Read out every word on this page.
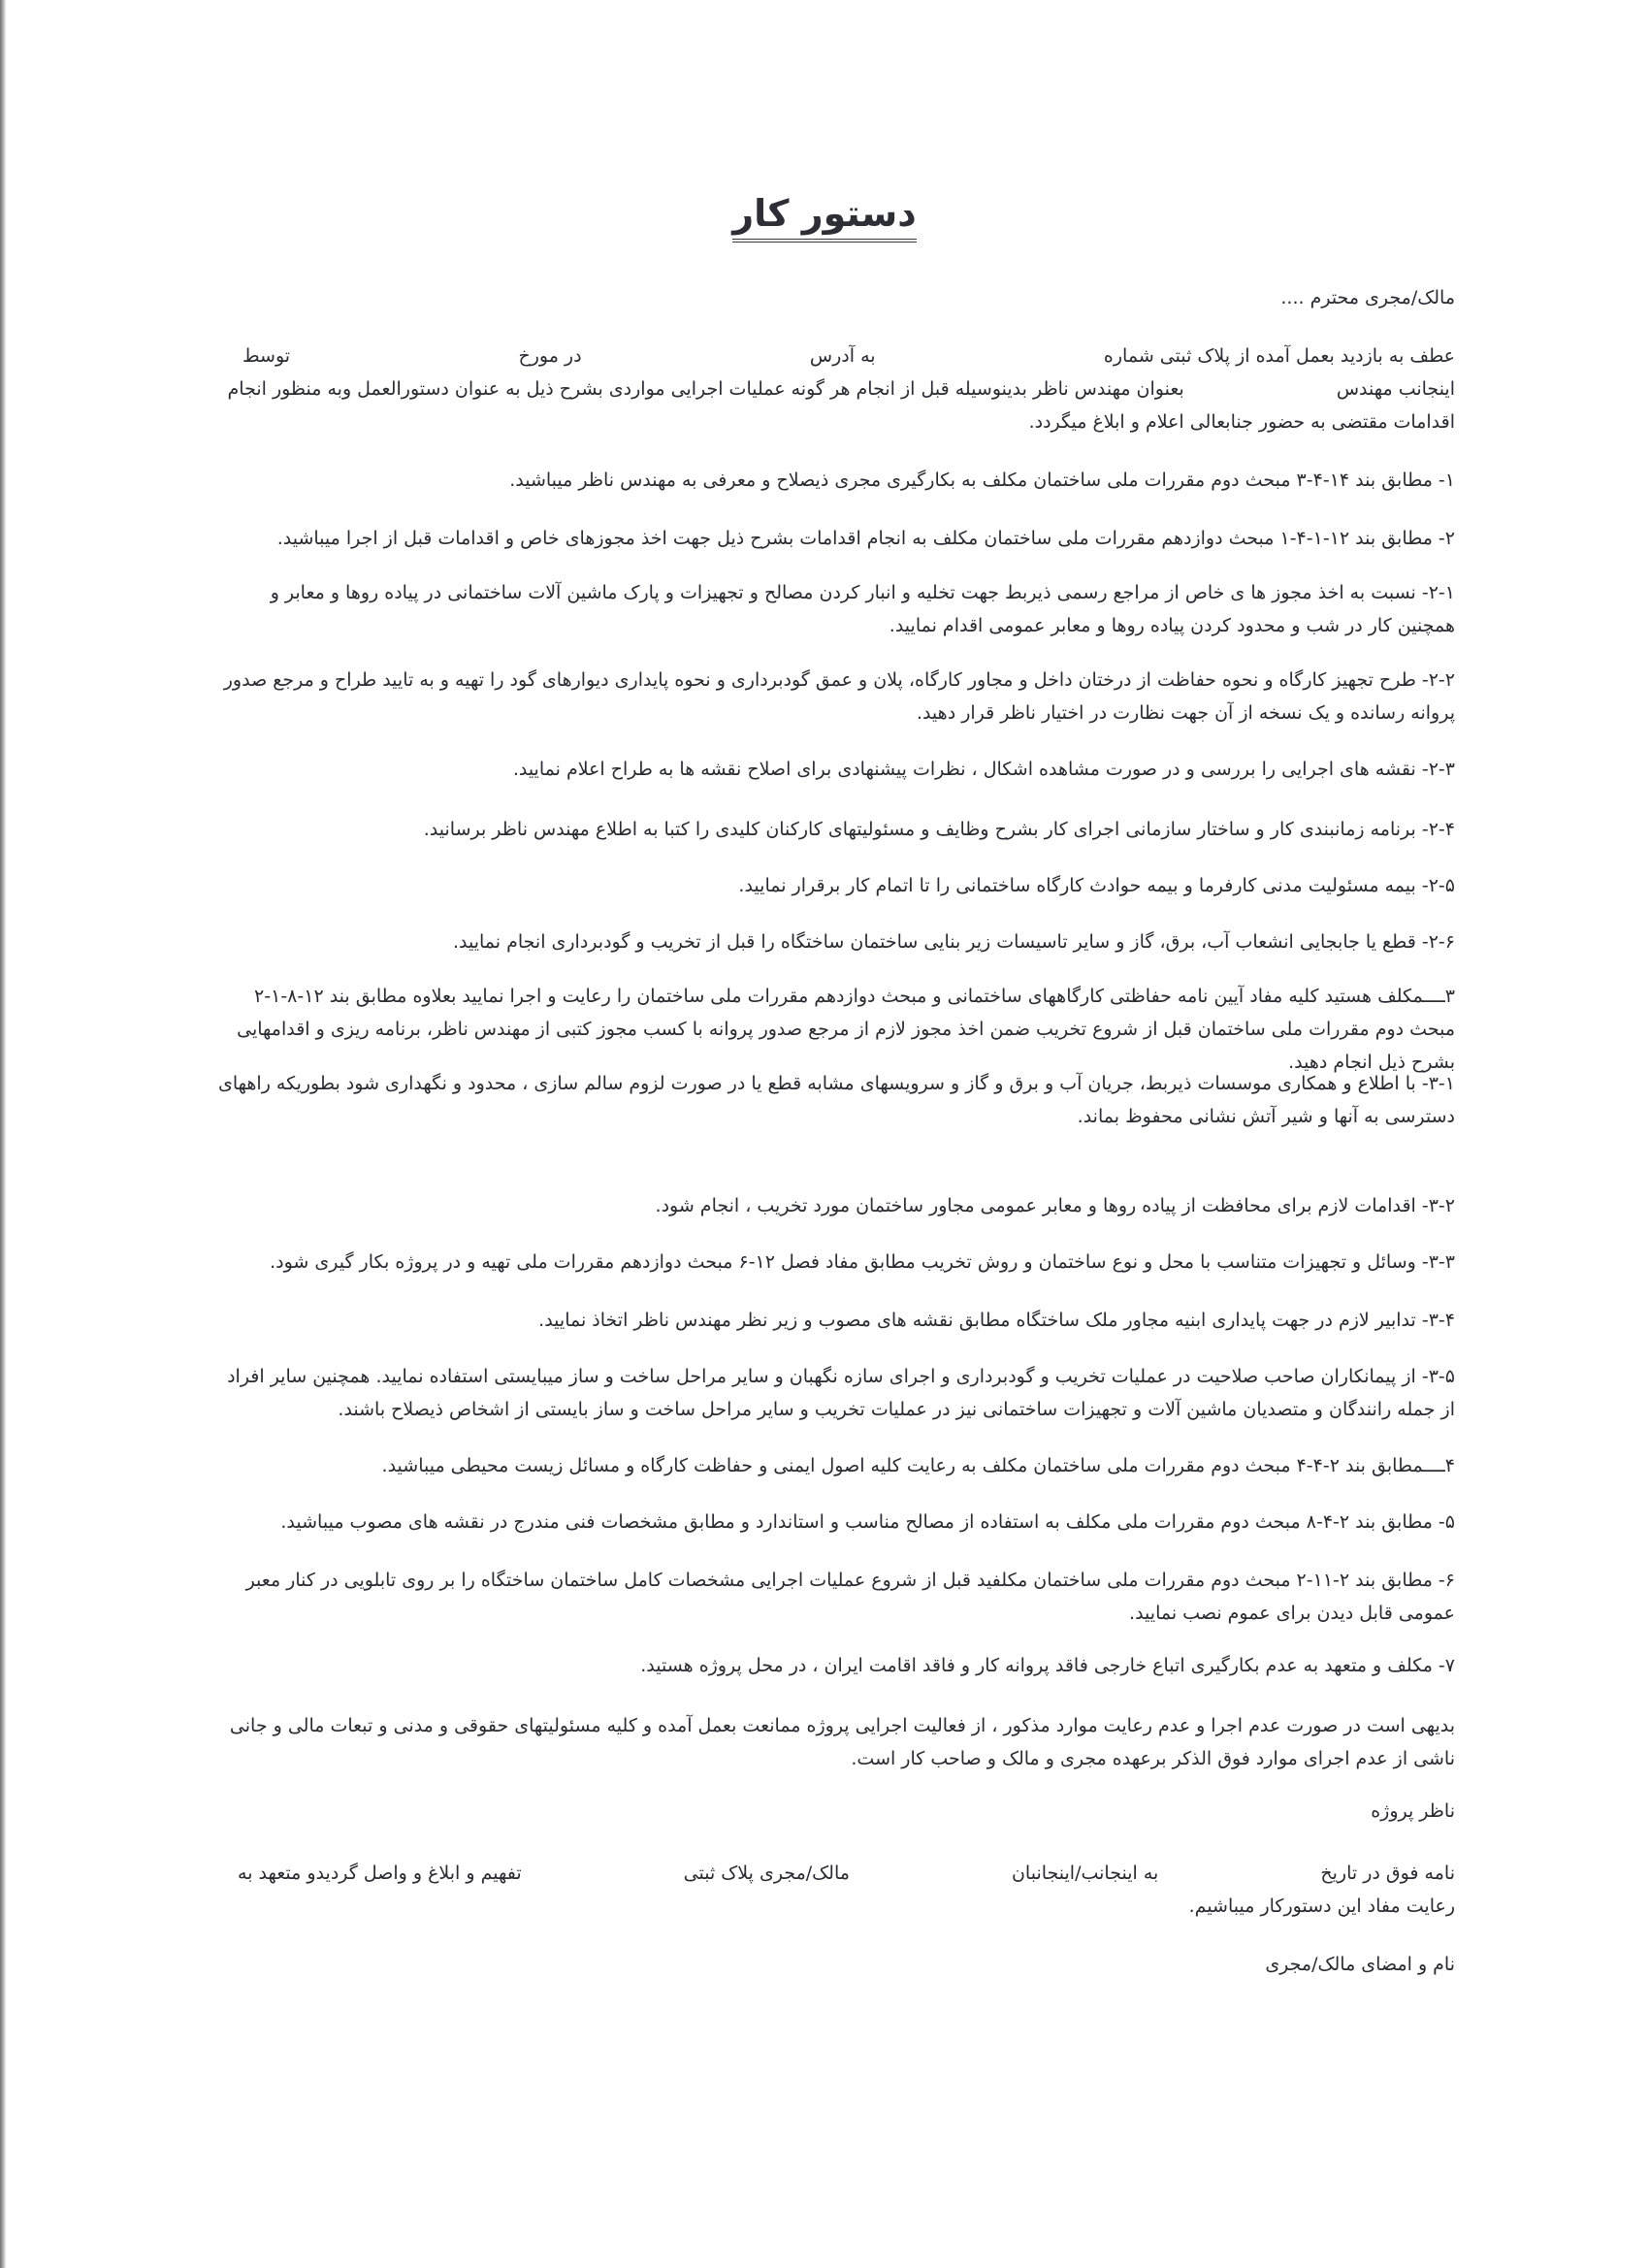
دستور کار

مالک/مجری محترم ....

عطف به بازدید بعمل آمده از پلاک ثبتی شماره
به آدرس
در مورخ
توسط

اینجانب مهندس                          بعنوان مهندس ناظر بدینوسیله قبل از انجام هر گونه عملیات اجرایی مواردی بشرح ذیل به عنوان دستورالعمل وبه منظور انجام

اقدامات مقتضی به حضور جنابعالی اعلام و ابلاغ میگردد.

۱- مطابق بند ۱۴-۴-۳ مبحث دوم مقررات ملی ساختمان مکلف به بکارگیری مجری ذیصلاح و معرفی به مهندس ناظر میباشید.

۲- مطابق بند ۱۲-۱-۴-۱ مبحث دوازدهم مقررات ملی ساختمان مکلف به انجام اقدامات بشرح ذیل جهت اخذ مجوزهای خاص و اقدامات قبل از اجرا میباشید.

۲-۱- نسبت به اخذ مجوز ها ی خاص از مراجع رسمی ذیربط جهت تخلیه و انبار کردن مصالح و تجهیزات و پارک ماشین آلات ساختمانی در پیاده روها و معابر و همچنین کار در شب و محدود کردن پیاده روها و معابر عمومی اقدام نمایید.

۲-۲- طرح تجهیز کارگاه و نحوه حفاظت از درختان داخل و مجاور کارگاه، پلان و عمق گودبرداری و نحوه پایداری دیوارهای گود را تهیه و به تایید طراح و مرجع صدور پروانه رسانده و یک نسخه از آن جهت نظارت در اختیار ناظر قرار دهید.

۲-۳- نقشه های اجرایی را بررسی و در صورت مشاهده اشکال ، نظرات پیشنهادی برای اصلاح نقشه ها به طراح اعلام نمایید.

۲-۴- برنامه زمانبندی کار و ساختار سازمانی اجرای کار بشرح وظایف و مسئولیتهای کارکنان کلیدی را کتبا به اطلاع مهندس ناظر برسانید.

۲-۵- بیمه مسئولیت مدنی کارفرما و بیمه حوادث کارگاه ساختمانی را تا اتمام کار برقرار نمایید.

۲-۶- قطع یا جابجایی انشعاب آب، برق، گاز و سایر تاسیسات زیر بنایی ساختمان ساختگاه را قبل از تخریب و گودبرداری انجام نمایید.

۳ــــمکلف هستید کلیه مفاد آیین نامه حفاظتی کارگاههای ساختمانی و مبحث دوازدهم مقررات ملی ساختمان را رعایت و اجرا نمایید بعلاوه مطابق بند ۱۲-۸-۱-۲ مبحث دوم مقررات ملی ساختمان قبل از شروع تخریب ضمن اخذ مجوز لازم از مرجع صدور پروانه با کسب مجوز کتبی از مهندس ناظر، برنامه ریزی و اقدامهایی بشرح ذیل انجام دهید.

۳-۱- با اطلاع و همکاری موسسات ذیربط، جریان آب و برق و گاز و سرویسهای مشابه قطع یا در صورت لزوم سالم سازی ، محدود و نگهداری شود بطوریکه راههای دسترسی به آنها و شیر آتش نشانی محفوظ بماند.

۳-۲- اقدامات لازم برای محافظت از پیاده روها و معابر عمومی مجاور ساختمان مورد تخریب ، انجام شود.

۳-۳- وسائل و تجهیزات متناسب با محل و نوع ساختمان و روش تخریب مطابق مفاد فصل ۱۲-۶ مبحث دوازدهم مقررات ملی تهیه و در پروژه بکار گیری شود.

۳-۴- تدابیر لازم در جهت پایداری ابنیه مجاور ملک ساختگاه مطابق نقشه های مصوب و زیر نظر مهندس ناظر اتخاذ نمایید.

۳-۵- از پیمانکاران صاحب صلاحیت در عملیات تخریب و گودبرداری و اجرای سازه نگهبان و سایر مراحل ساخت و ساز میبایستی استفاده نمایید. همچنین سایر افراد از جمله رانندگان و متصدیان ماشین آلات و تجهیزات ساختمانی نیز در عملیات تخریب و سایر مراحل ساخت و ساز بایستی از اشخاص ذیصلاح باشند.

۴ــــمطابق بند ۲-۴-۴ مبحث دوم مقررات ملی ساختمان مکلف به رعایت کلیه اصول ایمنی و حفاظت کارگاه و مسائل زیست محیطی میباشید.

۵- مطابق بند ۲-۴-۸ مبحث دوم مقررات ملی مکلف به استفاده از مصالح مناسب و استاندارد و مطابق مشخصات فنی مندرج در نقشه های مصوب میباشید.

۶- مطابق بند ۲-۱۱-۲ مبحث دوم مقررات ملی ساختمان مکلفید قبل از شروع عملیات اجرایی مشخصات کامل ساختمان ساختگاه را بر روی تابلویی در کنار معبر عمومی قابل دیدن برای عموم نصب نمایید.

۷- مکلف و متعهد به عدم بکارگیری اتباع خارجی فاقد پروانه کار و فاقد اقامت ایران ، در محل پروژه هستید.

بدیهی است در صورت عدم اجرا و عدم رعایت موارد مذکور ، از فعالیت اجرایی پروژه ممانعت بعمل آمده و کلیه مسئولیتهای حقوقی و مدنی و تبعات مالی و جانی ناشی از عدم اجرای موارد فوق الذکر برعهده مجری و مالک و صاحب کار است.

ناظر پروژه

نامه فوق در تاریخ
به اینجانب/اینجانبان
مالک/مجری پلاک ثبتی
تفهیم و ابلاغ و واصل گردیدو متعهد به

رعایت مفاد این دستورکار میباشیم.

نام و امضای مالک/مجری
